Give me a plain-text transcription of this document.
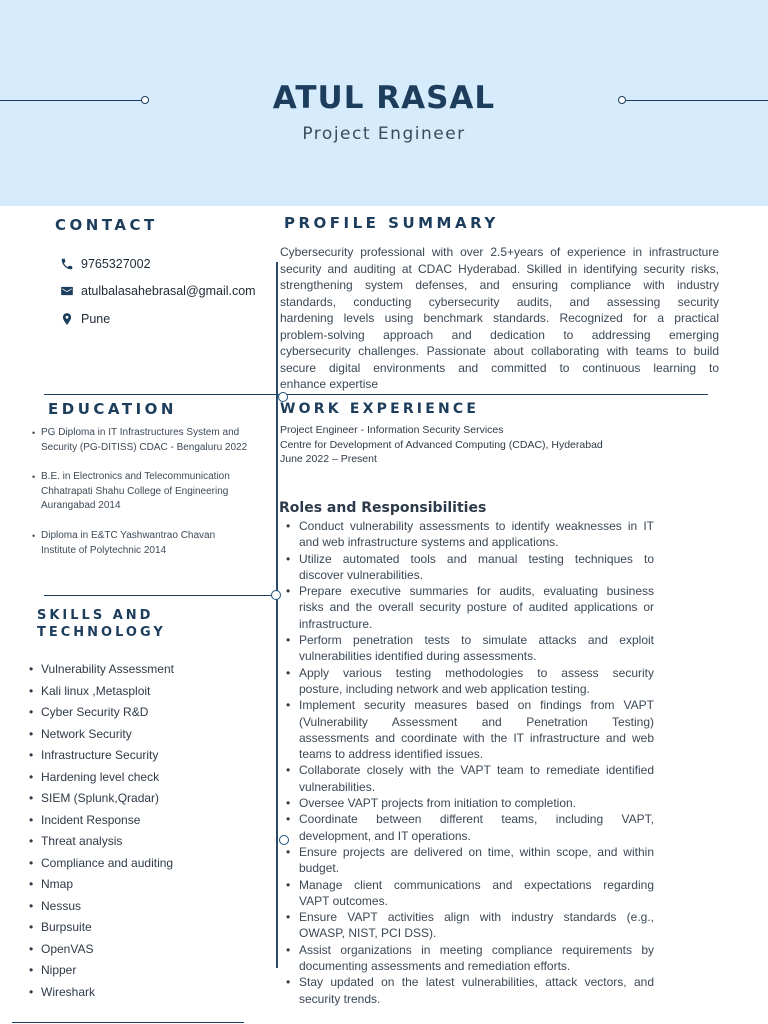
ATUL RASAL
Project Engineer
CONTACT
9765327002
atulbalasahebrasal@gmail.com
Pune
PROFILE SUMMARY
Cybersecurity professional with over 2.5+years of experience in infrastructure
security and auditing at CDAC Hyderabad. Skilled in identifying security risks,
strengthening system defenses, and ensuring compliance with industry
standards, conducting cybersecurity audits, and assessing security
hardening levels using benchmark standards. Recognized for a practical
problem-solving approach and dedication to addressing emerging
cybersecurity challenges. Passionate about collaborating with teams to build
secure digital environments and committed to continuous learning to
enhance expertise
EDUCATION
• PG Diploma in IT Infrastructures System and
Security (PG-DITISS) CDAC - Bengaluru 2022
• B.E. in Electronics and Telecommunication
Chhatrapati Shahu College of Engineering
Aurangabad 2014
• Diploma in E&TC Yashwantrao Chavan
Institute of Polytechnic 2014
WORK EXPERIENCE
Project Engineer - Information Security Services
Centre for Development of Advanced Computing (CDAC), Hyderabad
June 2022 – Present
SKILLS AND
TECHNOLOGY
• Vulnerability Assessment
• Kali linux ,Metasploit
• Cyber Security R&D
• Network Security
• Infrastructure Security
• Hardening level check
• SIEM (Splunk,Qradar)
• Incident Response
• Threat analysis
• Compliance and auditing
• Nmap
• Nessus
• Burpsuite
• OpenVAS
• Nipper
• Wireshark
Roles and Responsibilities
• Conduct vulnerability assessments to identify weaknesses in IT
and web infrastructure systems and applications.
• Utilize automated tools and manual testing techniques to
discover vulnerabilities.
• Prepare executive summaries for audits, evaluating business
risks and the overall security posture of audited applications or
infrastructure.
• Perform penetration tests to simulate attacks and exploit
vulnerabilities identified during assessments.
• Apply various testing methodologies to assess security
posture, including network and web application testing.
• Implement security measures based on findings from VAPT
(Vulnerability Assessment and Penetration Testing)
assessments and coordinate with the IT infrastructure and web
teams to address identified issues.
• Collaborate closely with the VAPT team to remediate identified
vulnerabilities.
• Oversee VAPT projects from initiation to completion.
• Coordinate between different teams, including VAPT,
development, and IT operations.
• Ensure projects are delivered on time, within scope, and within
budget.
• Manage client communications and expectations regarding
VAPT outcomes.
• Ensure VAPT activities align with industry standards (e.g.,
OWASP, NIST, PCI DSS).
• Assist organizations in meeting compliance requirements by
documenting assessments and remediation efforts.
• Stay updated on the latest vulnerabilities, attack vectors, and
security trends.
